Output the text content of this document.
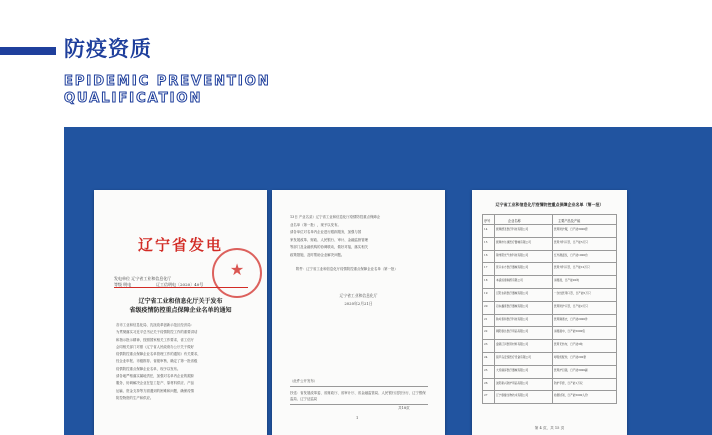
防疫资质
EPIDEMIC PREVENTION
QUALIFICATION
辽宁省发电
★
发电单位 辽宁省工业和信息化厅
等级 明电	辽工信明电〔2020〕40号
辽宁省工业和信息化厅关于发布
省级疫情防控重点保障企业名单的通知
各市工业和信息化局、沈抚改革创新示范区经济局：
为贯彻落实习近平总书记关于疫情防控工作的重要讲话
和指示批示精神，按照国家相关工作要求，省工信厅
会同相关部门对照《辽宁省人民政府办公厅关于做好
疫情防控重点保障企业名单管理工作的通知》有关要求，
经企业申报、市级推荐、省级审核，确定了第一批省级
疫情防控重点保障企业名单，现予以发布。
请各地严格落实属地责任，加强对名单内企业的跟踪
服务，协调解决企业在复工复产、原材料供应、产品
运输、资金支持等方面遇到的困难和问题，确保疫情
防控物资的生产和供应。
13日 产业名录》辽宁省工业和信息化厅疫情防控重点保障企
业名单（第一批），现予以发布。
请各单位对名单内企业进行跟踪服务，加强与国
家发展改革、财政、人民银行、审计、金融监督管理
等部门及金融机构的协调联动，做好对接，落实相关
政策措施，及时帮助企业解决问题。
附件：辽宁省工业和信息化厅疫情防控重点保障企业名单（第一批）
辽宁省工业和信息化厅
2020年2月21日
（此件公开发布）
抄送：省发展改革委、省财政厅、省审计厅、省金融监管局、人民银行沈阳分行、辽宁银保监局、辽宁证监局
共18页
1
辽宁省工业和信息化厅疫情防控重点保障企业名单（第一批）
序号	企业名称	主要产品及产能
14	抚顺德圣医疗科技有限公司	医用防护服，日产能3000套
15	抚顺市乐康医疗器械有限公司	医用外科口罩，日产能5万只
16	锦州阳光气象科技有限公司	红外测温仪，日产能1000台
17	营口东方医疗器械有限公司	医用外科口罩，日产能10万只
18	本溪恒康制药有限公司	消毒液，日产能20吨
19	辽阳永新医疗器械有限公司	一次性医用口罩，日产能5万只
20	丹东鑫泰医疗器械有限公司	医用防护口罩，日产能2万只
21	铁岭泰和医疗科技有限公司	医用隔离衣，日产能2000件
22	朝阳康达医疗用品有限公司	消毒湿巾，日产能5000包
23	盘锦辽河医用材料有限公司	医用无纺布，日产能3吨
24	葫芦岛安泰医疗设备有限公司	呼吸机配件，日产能200套
25	大连瑞泽医疗器械有限公司	医用护目镜，日产能3000副
26	沈阳新兴防护用品有限公司	防护手套，日产能1万双
27	辽宁康健生物技术有限公司	检测试剂，日产能5000人份
第 4 页，共 15 页
